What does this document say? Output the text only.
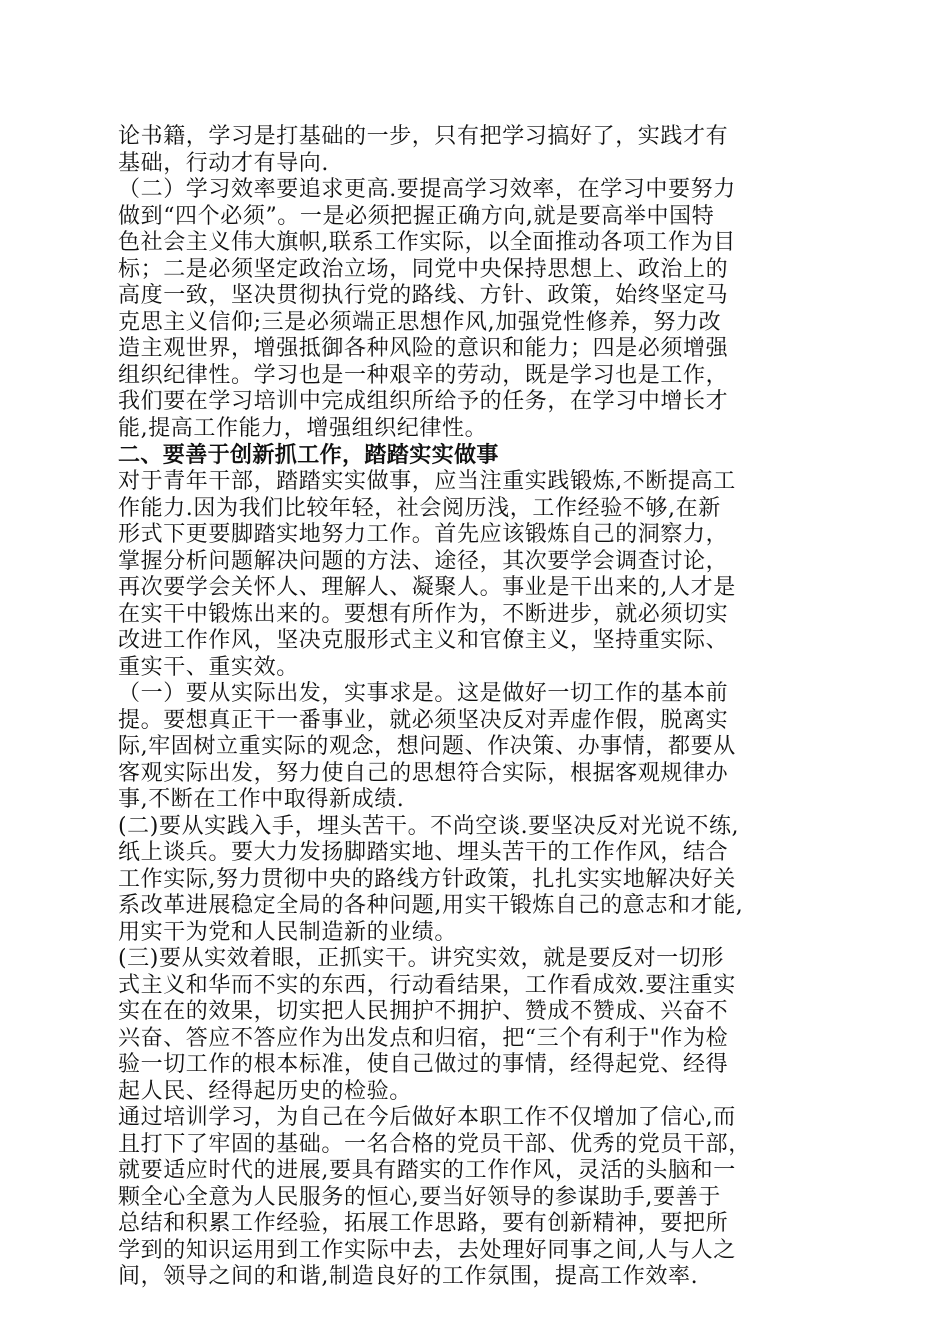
论书籍，学习是打基础的一步，只有把学习搞好了，实践才有
基础，行动才有导向.

（二）学习效率要追求更高.要提高学习效率，在学习中要努力
做到“四个必须”。一是必须把握正确方向,就是要高举中国特
色社会主义伟大旗帜,联系工作实际，以全面推动各项工作为目
标；二是必须坚定政治立场，同党中央保持思想上、政治上的
高度一致，坚决贯彻执行党的路线、方针、政策，始终坚定马
克思主义信仰;三是必须端正思想作风,加强党性修养，努力改
造主观世界，增强抵御各种风险的意识和能力；四是必须增强
组织纪律性。学习也是一种艰辛的劳动，既是学习也是工作，
我们要在学习培训中完成组织所给予的任务，在学习中增长才
能,提高工作能力，增强组织纪律性。

二、要善于创新抓工作，踏踏实实做事

对于青年干部，踏踏实实做事，应当注重实践锻炼,不断提高工
作能力.因为我们比较年轻，社会阅历浅，工作经验不够,在新
形式下更要脚踏实地努力工作。首先应该锻炼自己的洞察力，
掌握分析问题解决问题的方法、途径，其次要学会调查讨论，
再次要学会关怀人、理解人、凝聚人。事业是干出来的,人才是
在实干中锻炼出来的。要想有所作为，不断进步，就必须切实
改进工作作风，坚决克服形式主义和官僚主义，坚持重实际、
重实干、重实效。

（一）要从实际出发，实事求是。这是做好一切工作的基本前
提。要想真正干一番事业，就必须坚决反对弄虚作假，脱离实
际,牢固树立重实际的观念，想问题、作决策、办事情，都要从
客观实际出发，努力使自己的思想符合实际，根据客观规律办
事,不断在工作中取得新成绩.

(二)要从实践入手，埋头苦干。不尚空谈.要坚决反对光说不练,
纸上谈兵。要大力发扬脚踏实地、埋头苦干的工作作风，结合
工作实际,努力贯彻中央的路线方针政策，扎扎实实地解决好关
系改革进展稳定全局的各种问题,用实干锻炼自己的意志和才能,
用实干为党和人民制造新的业绩。

(三)要从实效着眼，正抓实干。讲究实效，就是要反对一切形
式主义和华而不实的东西，行动看结果，工作看成效.要注重实
实在在的效果，切实把人民拥护不拥护、赞成不赞成、兴奋不
兴奋、答应不答应作为出发点和归宿，把“三个有利于"作为检
验一切工作的根本标准，使自己做过的事情，经得起党、经得
起人民、经得起历史的检验。

通过培训学习，为自己在今后做好本职工作不仅增加了信心,而
且打下了牢固的基础。一名合格的党员干部、优秀的党员干部，
就要适应时代的进展,要具有踏实的工作作风，灵活的头脑和一
颗全心全意为人民服务的恒心,要当好领导的参谋助手,要善于
总结和积累工作经验，拓展工作思路，要有创新精神，要把所
学到的知识运用到工作实际中去，去处理好同事之间,人与人之
间，领导之间的和谐,制造良好的工作氛围，提高工作效率.
